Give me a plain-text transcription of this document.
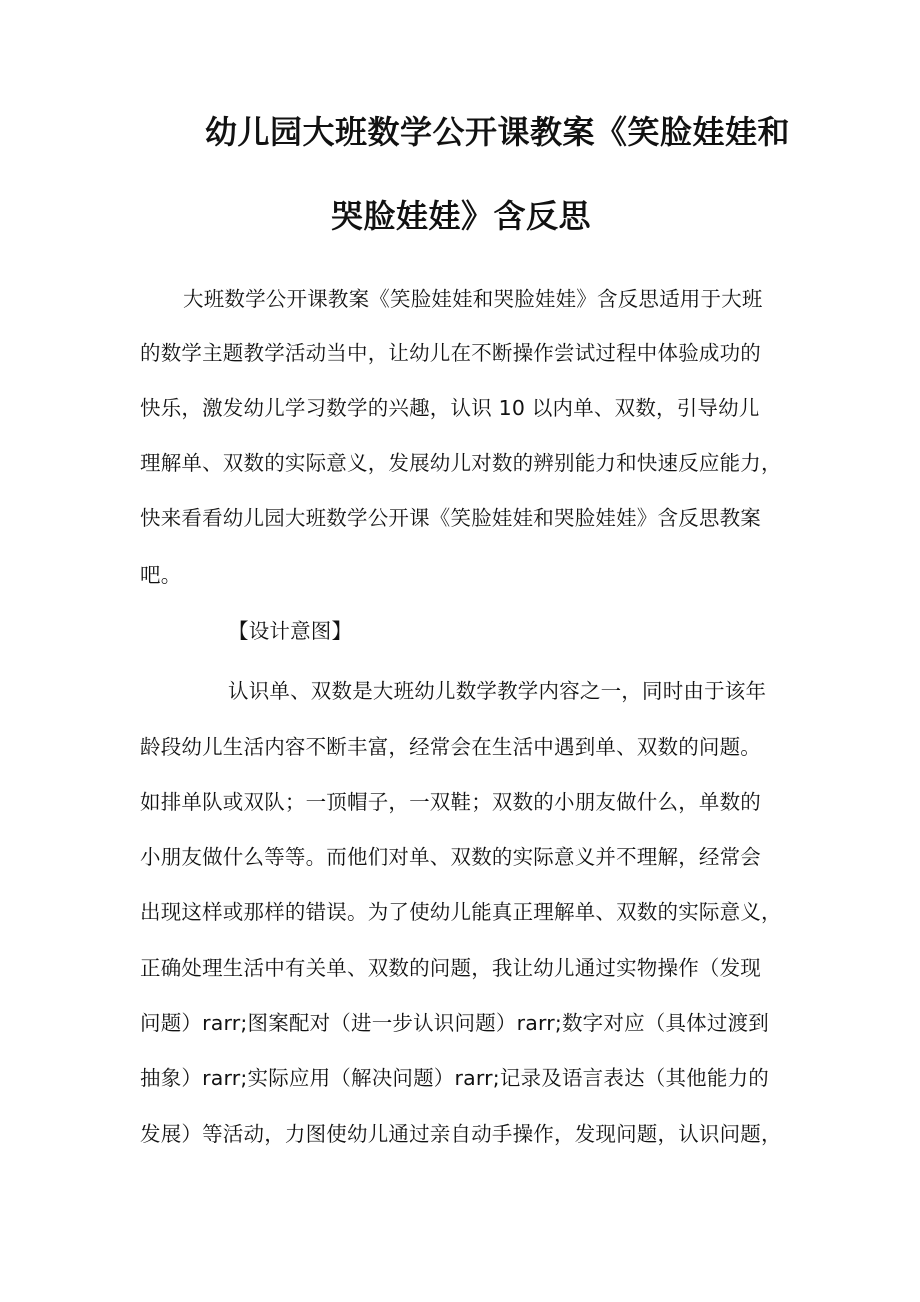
幼儿园大班数学公开课教案《笑脸娃娃和
哭脸娃娃》含反思
大班数学公开课教案《笑脸娃娃和哭脸娃娃》含反思适用于大班
的数学主题教学活动当中，让幼儿在不断操作尝试过程中体验成功的
快乐，激发幼儿学习数学的兴趣，认识 10 以内单、双数，引导幼儿
理解单、双数的实际意义，发展幼儿对数的辨别能力和快速反应能力，
快来看看幼儿园大班数学公开课《笑脸娃娃和哭脸娃娃》含反思教案
吧。
【设计意图】
认识单、双数是大班幼儿数学教学内容之一，同时由于该年
龄段幼儿生活内容不断丰富，经常会在生活中遇到单、双数的问题。
如排单队或双队；一顶帽子，一双鞋；双数的小朋友做什么，单数的
小朋友做什么等等。而他们对单、双数的实际意义并不理解，经常会
出现这样或那样的错误。为了使幼儿能真正理解单、双数的实际意义，
正确处理生活中有关单、双数的问题，我让幼儿通过实物操作（发现
问题）rarr;图案配对（进一步认识问题）rarr;数字对应（具体过渡到
抽象）rarr;实际应用（解决问题）rarr;记录及语言表达（其他能力的
发展）等活动，力图使幼儿通过亲自动手操作，发现问题，认识问题，
